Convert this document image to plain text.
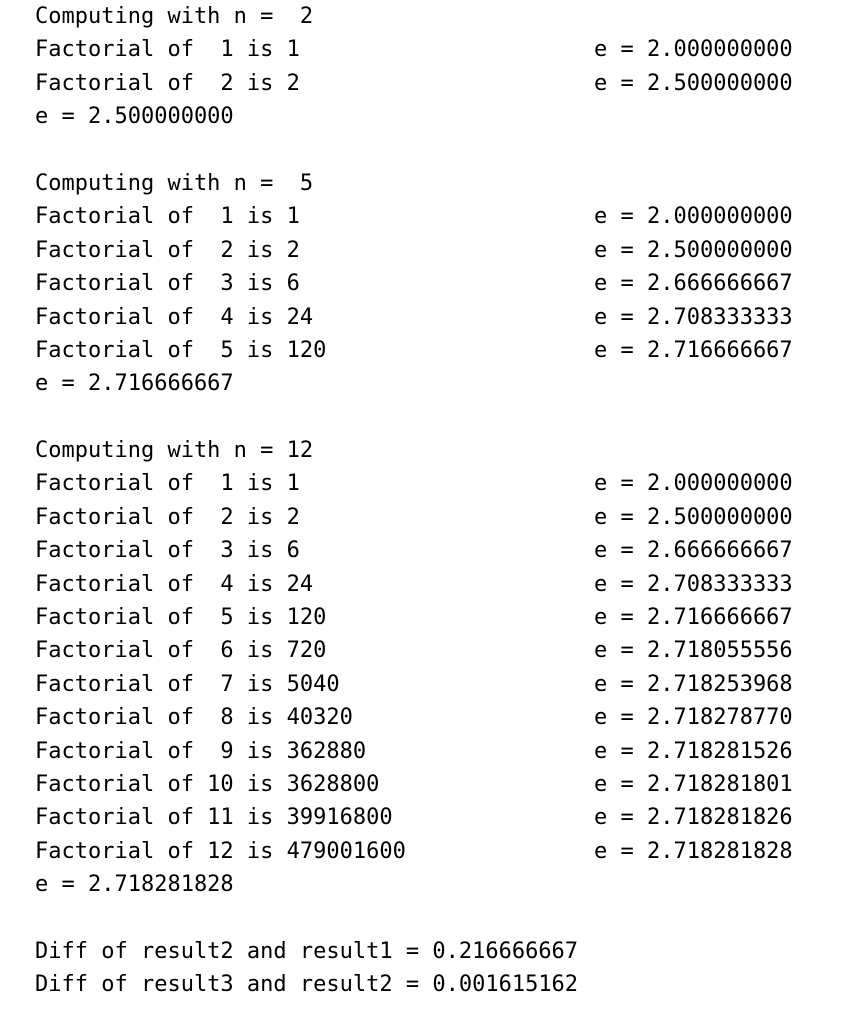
Computing with n =  2
Factorial of  1 is 1	e = 2.000000000
Factorial of  2 is 2	e = 2.500000000
e = 2.500000000
Computing with n =  5
Factorial of  1 is 1	e = 2.000000000
Factorial of  2 is 2	e = 2.500000000
Factorial of  3 is 6	e = 2.666666667
Factorial of  4 is 24	e = 2.708333333
Factorial of  5 is 120	e = 2.716666667
e = 2.716666667
Computing with n = 12
Factorial of  1 is 1	e = 2.000000000
Factorial of  2 is 2	e = 2.500000000
Factorial of  3 is 6	e = 2.666666667
Factorial of  4 is 24	e = 2.708333333
Factorial of  5 is 120	e = 2.716666667
Factorial of  6 is 720	e = 2.718055556
Factorial of  7 is 5040	e = 2.718253968
Factorial of  8 is 40320	e = 2.718278770
Factorial of  9 is 362880	e = 2.718281526
Factorial of 10 is 3628800	e = 2.718281801
Factorial of 11 is 39916800	e = 2.718281826
Factorial of 12 is 479001600	e = 2.718281828
e = 2.718281828
Diff of result2 and result1 = 0.216666667
Diff of result3 and result2 = 0.001615162
